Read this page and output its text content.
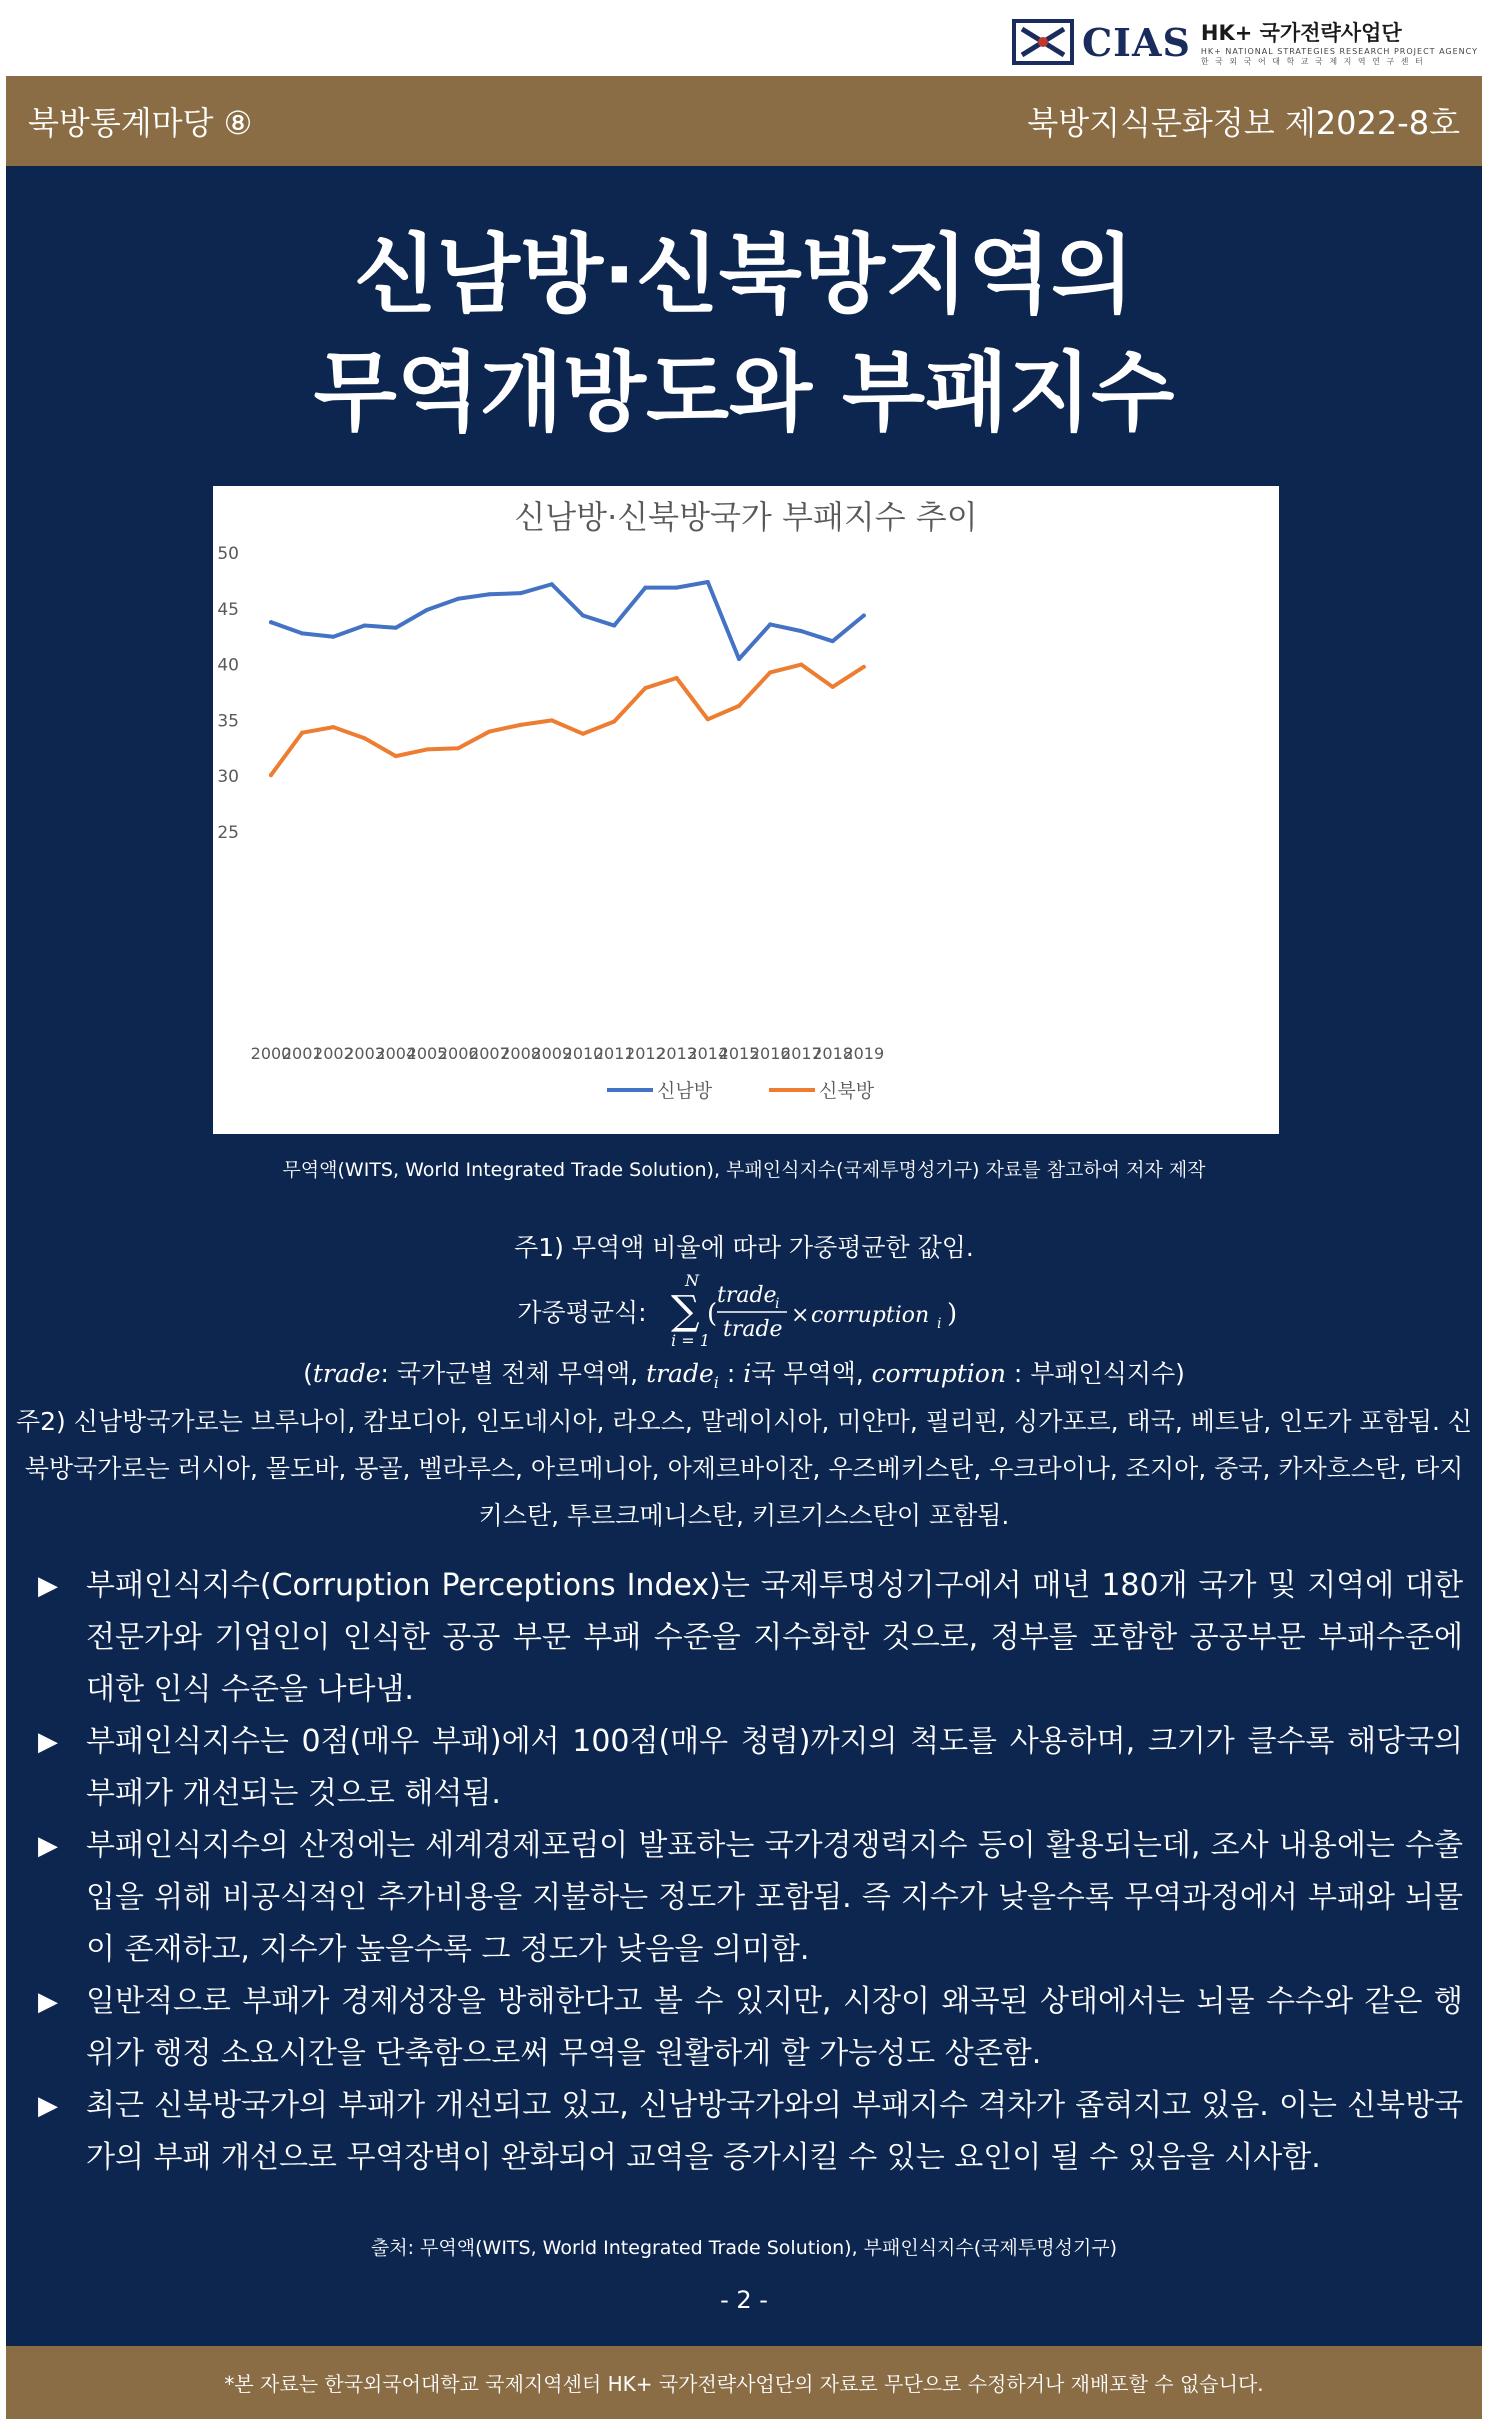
CIAS HK+ 국가전략사업단
HK+ NATIONAL STRATEGIES RESEARCH PROJECT AGENCY
한 국 외 국 어 대 학 교 국 제 지 역 연 구 센 터
북방통계마당 ⑧	북방지식문화정보 제2022-8호
신남방·신북방지역의
무역개방도와 부패지수
신남방·신북방국가 부패지수 추이
25
30
35
40
45
50
2000
2001
2002
2003
2004
2005
2006
2007
2008
2009
2010
2011
2012
2013
2014
2015
2016
2017
2018
2019
신남방	신북방
무역액(WITS, World Integrated Trade Solution), 부패인식지수(국제투명성기구) 자료를 참고하여 저자 제작
주1) 무역액 비율에 따라 가중평균한 값임.
가중평균식:
N
∑
i = 1
(
trade
i
trade
× corruption i )
(trade: 국가군별 전체 무역액, trade$_i$ : i국 무역액, corruption : 부패인식지수)
주2) 신남방국가로는 브루나이, 캄보디아, 인도네시아, 라오스, 말레이시아, 미얀마, 필리핀, 싱가포르, 태국, 베트남, 인도가 포함됨. 신북방국가로는 러시아, 몰도바, 몽골, 벨라루스, 아르메니아, 아제르바이잔, 우즈베키스탄, 우크라이나, 조지아, 중국, 카자흐스탄, 타지키스탄, 투르크메니스탄, 키르기스스탄이 포함됨.
▶ 부패인식지수(Corruption Perceptions Index)는 국제투명성기구에서 매년 180개 국가 및 지역에 대한 전문가와 기업인이 인식한 공공 부문 부패 수준을 지수화한 것으로, 정부를 포함한 공공부문 부패수준에 대한 인식 수준을 나타냄.
▶ 부패인식지수는 0점(매우 부패)에서 100점(매우 청렴)까지의 척도를 사용하며, 크기가 클수록 해당국의 부패가 개선되는 것으로 해석됨.
▶ 부패인식지수의 산정에는 세계경제포럼이 발표하는 국가경쟁력지수 등이 활용되는데, 조사 내용에는 수출입을 위해 비공식적인 추가비용을 지불하는 정도가 포함됨. 즉 지수가 낮을수록 무역과정에서 부패와 뇌물이 존재하고, 지수가 높을수록 그 정도가 낮음을 의미함.
▶ 일반적으로 부패가 경제성장을 방해한다고 볼 수 있지만, 시장이 왜곡된 상태에서는 뇌물 수수와 같은 행위가 행정 소요시간을 단축함으로써 무역을 원활하게 할 가능성도 상존함.
▶ 최근 신북방국가의 부패가 개선되고 있고, 신남방국가와의 부패지수 격차가 좁혀지고 있음. 이는 신북방국가의 부패 개선으로 무역장벽이 완화되어 교역을 증가시킬 수 있는 요인이 될 수 있음을 시사함.
출처: 무역액(WITS, World Integrated Trade Solution), 부패인식지수(국제투명성기구)
- 2 -
*본 자료는 한국외국어대학교 국제지역센터 HK+ 국가전략사업단의 자료로 무단으로 수정하거나 재배포할 수 없습니다.
